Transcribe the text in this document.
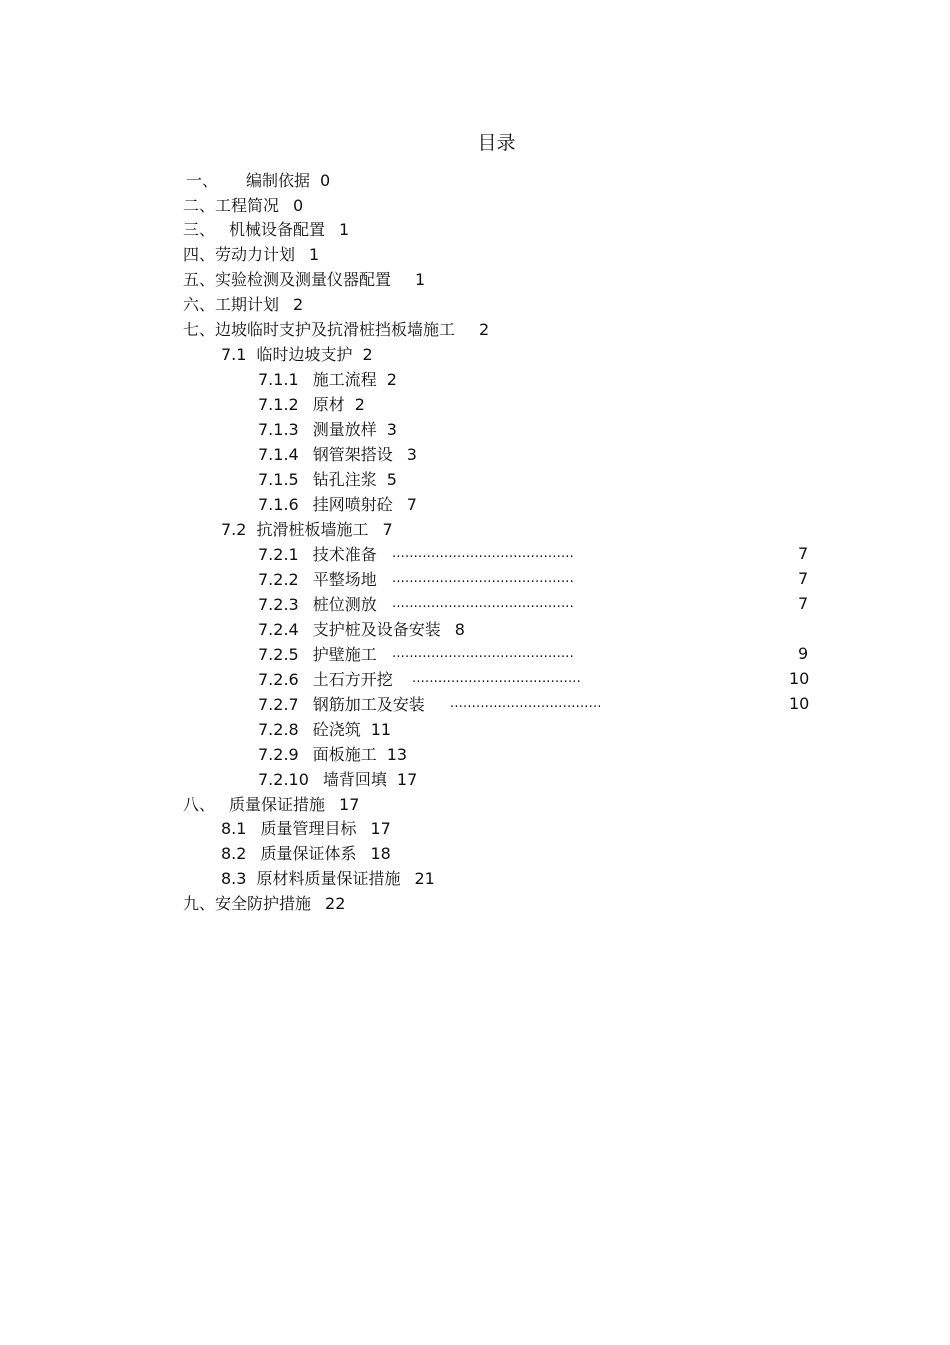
目录
一、 编制依据 0
二、工程简况 0
三、 机械设备配置 1
四、劳动力计划 1
五、实验检测及测量仪器配置 1
六、工期计划 2
七、边坡临时支护及抗滑桩挡板墙施工 2
7.1 临时边坡支护 2
7.1.1 施工流程 2
7.1.2 原材 2
7.1.3 测量放样 3
7.1.4 钢管架搭设 3
7.1.5 钻孔注浆 5
7.1.6 挂网喷射砼 7
7.2 抗滑桩板墙施工 7
7.2.1 技术准备 ..........................................	7
7.2.2 平整场地 ..........................................	7
7.2.3 桩位测放 ..........................................	7
7.2.4 支护桩及设备安装 8
7.2.5 护壁施工 ..........................................	9
7.2.6 土石方开挖 .......................................	10
7.2.7 钢筋加工及安装 ...................................	10
7.2.8 砼浇筑 11
7.2.9 面板施工 13
7.2.10 墙背回填 17
八、 质量保证措施 17
8.1 质量管理目标 17
8.2 质量保证体系 18
8.3 原材料质量保证措施 21
九、安全防护措施 22
